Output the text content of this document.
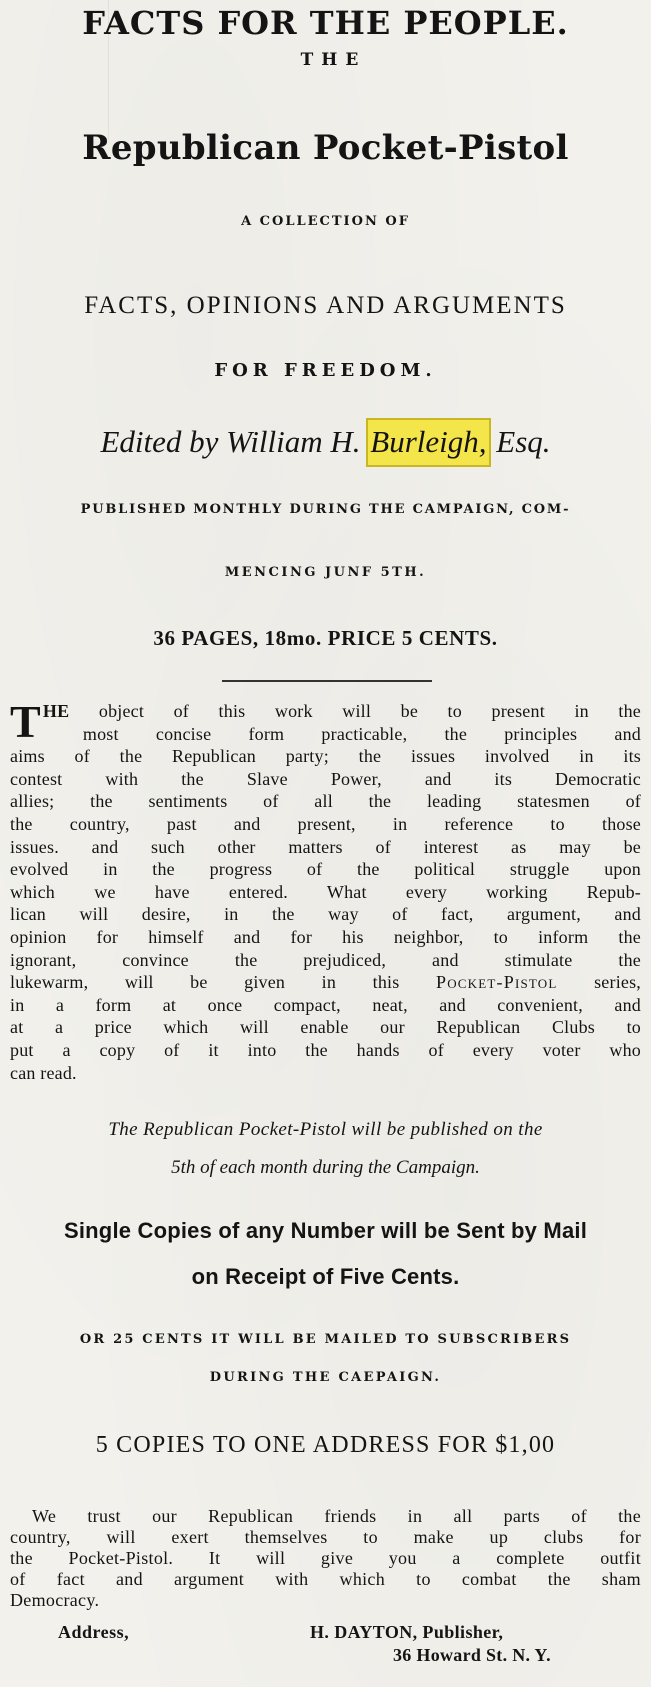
FACTS FOR THE PEOPLE.
THE
Republican Pocket-Pistol
A COLLECTION OF
FACTS, OPINIONS AND ARGUMENTS
FOR FREEDOM.
Edited by William H. Burleigh, Esq.
PUBLISHED MONTHLY DURING THE CAMPAIGN, COM-
MENCING JUNF 5TH.
36 PAGES, 18mo. PRICE 5 CENTS.
T HE object of this work will be to present in the
most concise form practicable, the principles and
aims of the Republican party; the issues involved in its
contest with the Slave Power, and its Democratic
allies; the sentiments of all the leading statesmen of
the country, past and present, in reference to those
issues. and such other matters of interest as may be
evolved in the progress of the political struggle upon
which we have entered. What every working Repub-
lican will desire, in the way of fact, argument, and
opinion for himself and for his neighbor, to inform the
ignorant, convince the prejudiced, and stimulate the
lukewarm, will be given in this Pocket-Pistol series,
in a form at once compact, neat, and convenient, and
at a price which will enable our Republican Clubs to
put a copy of it into the hands of every voter who
can read.
The Republican Pocket-Pistol will be published on the
5th of each month during the Campaign.
Single Copies of any Number will be Sent by Mail
on Receipt of Five Cents.
OR 25 CENTS IT WILL BE MAILED TO SUBSCRIBERS
DURING THE CAEPAIGN.
5 COPIES TO ONE ADDRESS FOR $1,00
We trust our Republican friends in all parts of the
country, will exert themselves to make up clubs for
the Pocket-Pistol. It will give you a complete outfit
of fact and argument with which to combat the sham
Democracy.
Address,	H. DAYTON, Publisher,
36 Howard St. N. Y.
